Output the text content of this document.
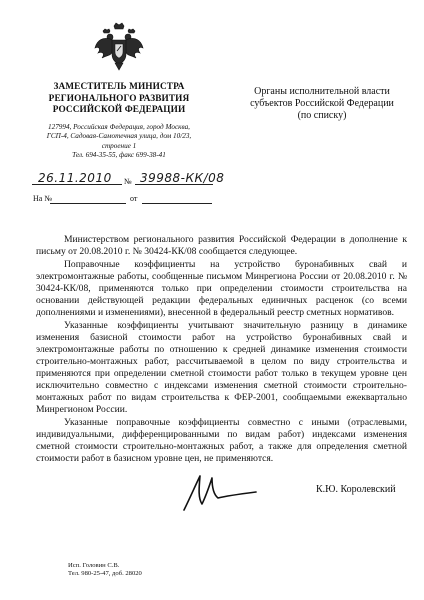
ЗАМЕСТИТЕЛЬ МИНИСТРА
РЕГИОНАЛЬНОГО РАЗВИТИЯ
РОССИЙСКОЙ ФЕДЕРАЦИИ
127994, Российская Федерация, город Москва,
ГСП-4, Садовая-Самотечная улица, дом 10/23,
строение 1
Тел. 694-35-55, факс 699-38-41
Органы исполнительной власти
субъектов Российской Федерации
(по списку)
26.11.2010 № 39988-КК/08
На №	от

Министерством регионального развития Российской Федерации в дополнение к письму от 20.08.2010 г. № 30424-КК/08 сообщается следующее.

Поправочные коэффициенты на устройство буронабивных свай и электромонтажные работы, сообщенные письмом Минрегиона России от 20.08.2010 г. № 30424-КК/08, применяются только при определении стоимости строительства на основании действующей редакции федеральных единичных расценок (со всеми дополнениями и изменениями), внесенной в федеральный реестр сметных нормативов.

Указанные коэффициенты учитывают значительную разницу в динамике изменения базисной стоимости работ на устройство буронабивных свай и электромонтажные работы по отношению к средней динамике изменения стоимости строительно-монтажных работ, рассчитываемой в целом по виду строительства и применяются при определении сметной стоимости работ только в текущем уровне цен исключительно совместно с индексами изменения сметной стоимости строительно-монтажных работ по видам строительства к ФЕР-2001, сообщаемыми ежеквартально Минрегионом России.

Указанные поправочные коэффициенты совместно с иными (отраслевыми, индивидуальными, дифференцированными по видам работ) индексами изменения сметной стоимости строительно-монтажных работ, а также для определения сметной стоимости работ в базисном уровне цен, не применяются.

К.Ю. Королевский
Исп. Головин С.В.
Тел. 980-25-47, доб. 28020
